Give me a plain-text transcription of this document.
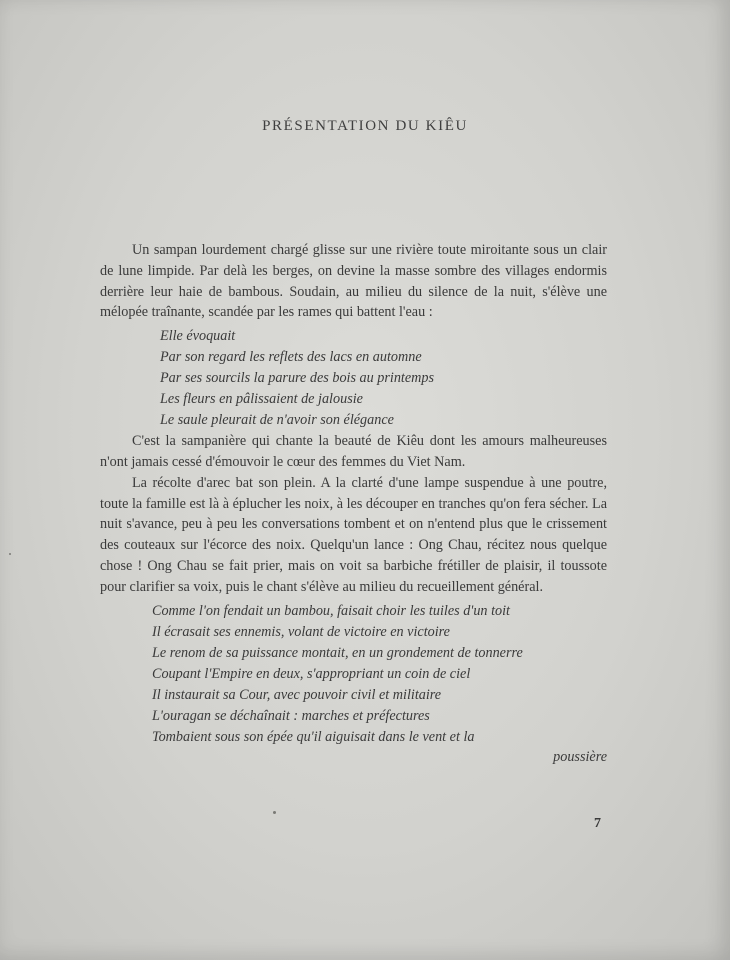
PRÉSENTATION DU KIÊU

Un sampan lourdement chargé glisse sur une rivière toute miroitante sous un clair de lune limpide. Par delà les berges, on devine la masse sombre des villages endormis derrière leur haie de bambous. Soudain, au milieu du silence de la nuit, s'élève une mélopée traînante, scandée par les rames qui battent l'eau :

Elle évoquait

Par son regard les reflets des lacs en automne

Par ses sourcils la parure des bois au printemps

Les fleurs en pâlissaient de jalousie

Le saule pleurait de n'avoir son élégance

C'est la sampanière qui chante la beauté de Kiêu dont les amours malheureuses n'ont jamais cessé d'émouvoir le cœur des femmes du Viet Nam.

La récolte d'arec bat son plein. A la clarté d'une lampe suspendue à une poutre, toute la famille est là à éplucher les noix, à les découper en tranches qu'on fera sécher. La nuit s'avance, peu à peu les conversations tombent et on n'entend plus que le crissement des couteaux sur l'écorce des noix. Quelqu'un lance : Ong Chau, récitez nous quelque chose ! Ong Chau se fait prier, mais on voit sa barbiche frétiller de plaisir, il toussote pour clarifier sa voix, puis le chant s'élève au milieu du recueillement général.

Comme l'on fendait un bambou, faisait choir les tuiles d'un toit

Il écrasait ses ennemis, volant de victoire en victoire

Le renom de sa puissance montait, en un grondement de tonnerre

Coupant l'Empire en deux, s'appropriant un coin de ciel

Il instaurait sa Cour, avec pouvoir civil et militaire

L'ouragan se déchaînait : marches et préfectures

Tombaient sous son épée qu'il aiguisait dans le vent et la

poussière

7
